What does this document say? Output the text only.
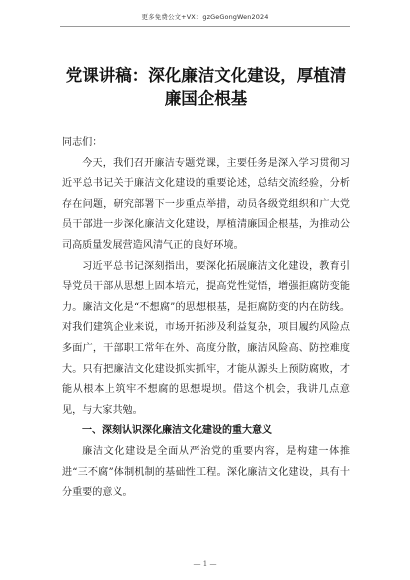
更多免费公文+VX：gzGeGongWen2024
党课讲稿：深化廉洁文化建设，厚植清廉国企根基

同志们：

今天，我们召开廉洁专题党课，主要任务是深入学习贯彻习近平总书记关于廉洁文化建设的重要论述，总结交流经验，分析存在问题，研究部署下一步重点举措，动员各级党组织和广大党员干部进一步深化廉洁文化建设，厚植清廉国企根基，为推动公司高质量发展营造风清气正的良好环境。

习近平总书记深刻指出，要深化拓展廉洁文化建设，教育引导党员干部从思想上固本培元，提高党性觉悟，增强拒腐防变能力。廉洁文化是“不想腐”的思想根基，是拒腐防变的内在防线。对我们建筑企业来说，市场开拓涉及利益复杂，项目履约风险点多面广，干部职工常年在外、高度分散，廉洁风险高、防控难度大。只有把廉洁文化建设抓实抓牢，才能从源头上预防腐败，才能从根本上筑牢不想腐的思想堤坝。借这个机会，我讲几点意见，与大家共勉。

一、深刻认识深化廉洁文化建设的重大意义

廉洁文化建设是全面从严治党的重要内容，是构建一体推进“三不腐”体制机制的基础性工程。深化廉洁文化建设，具有十分重要的意义。

— 1 —
